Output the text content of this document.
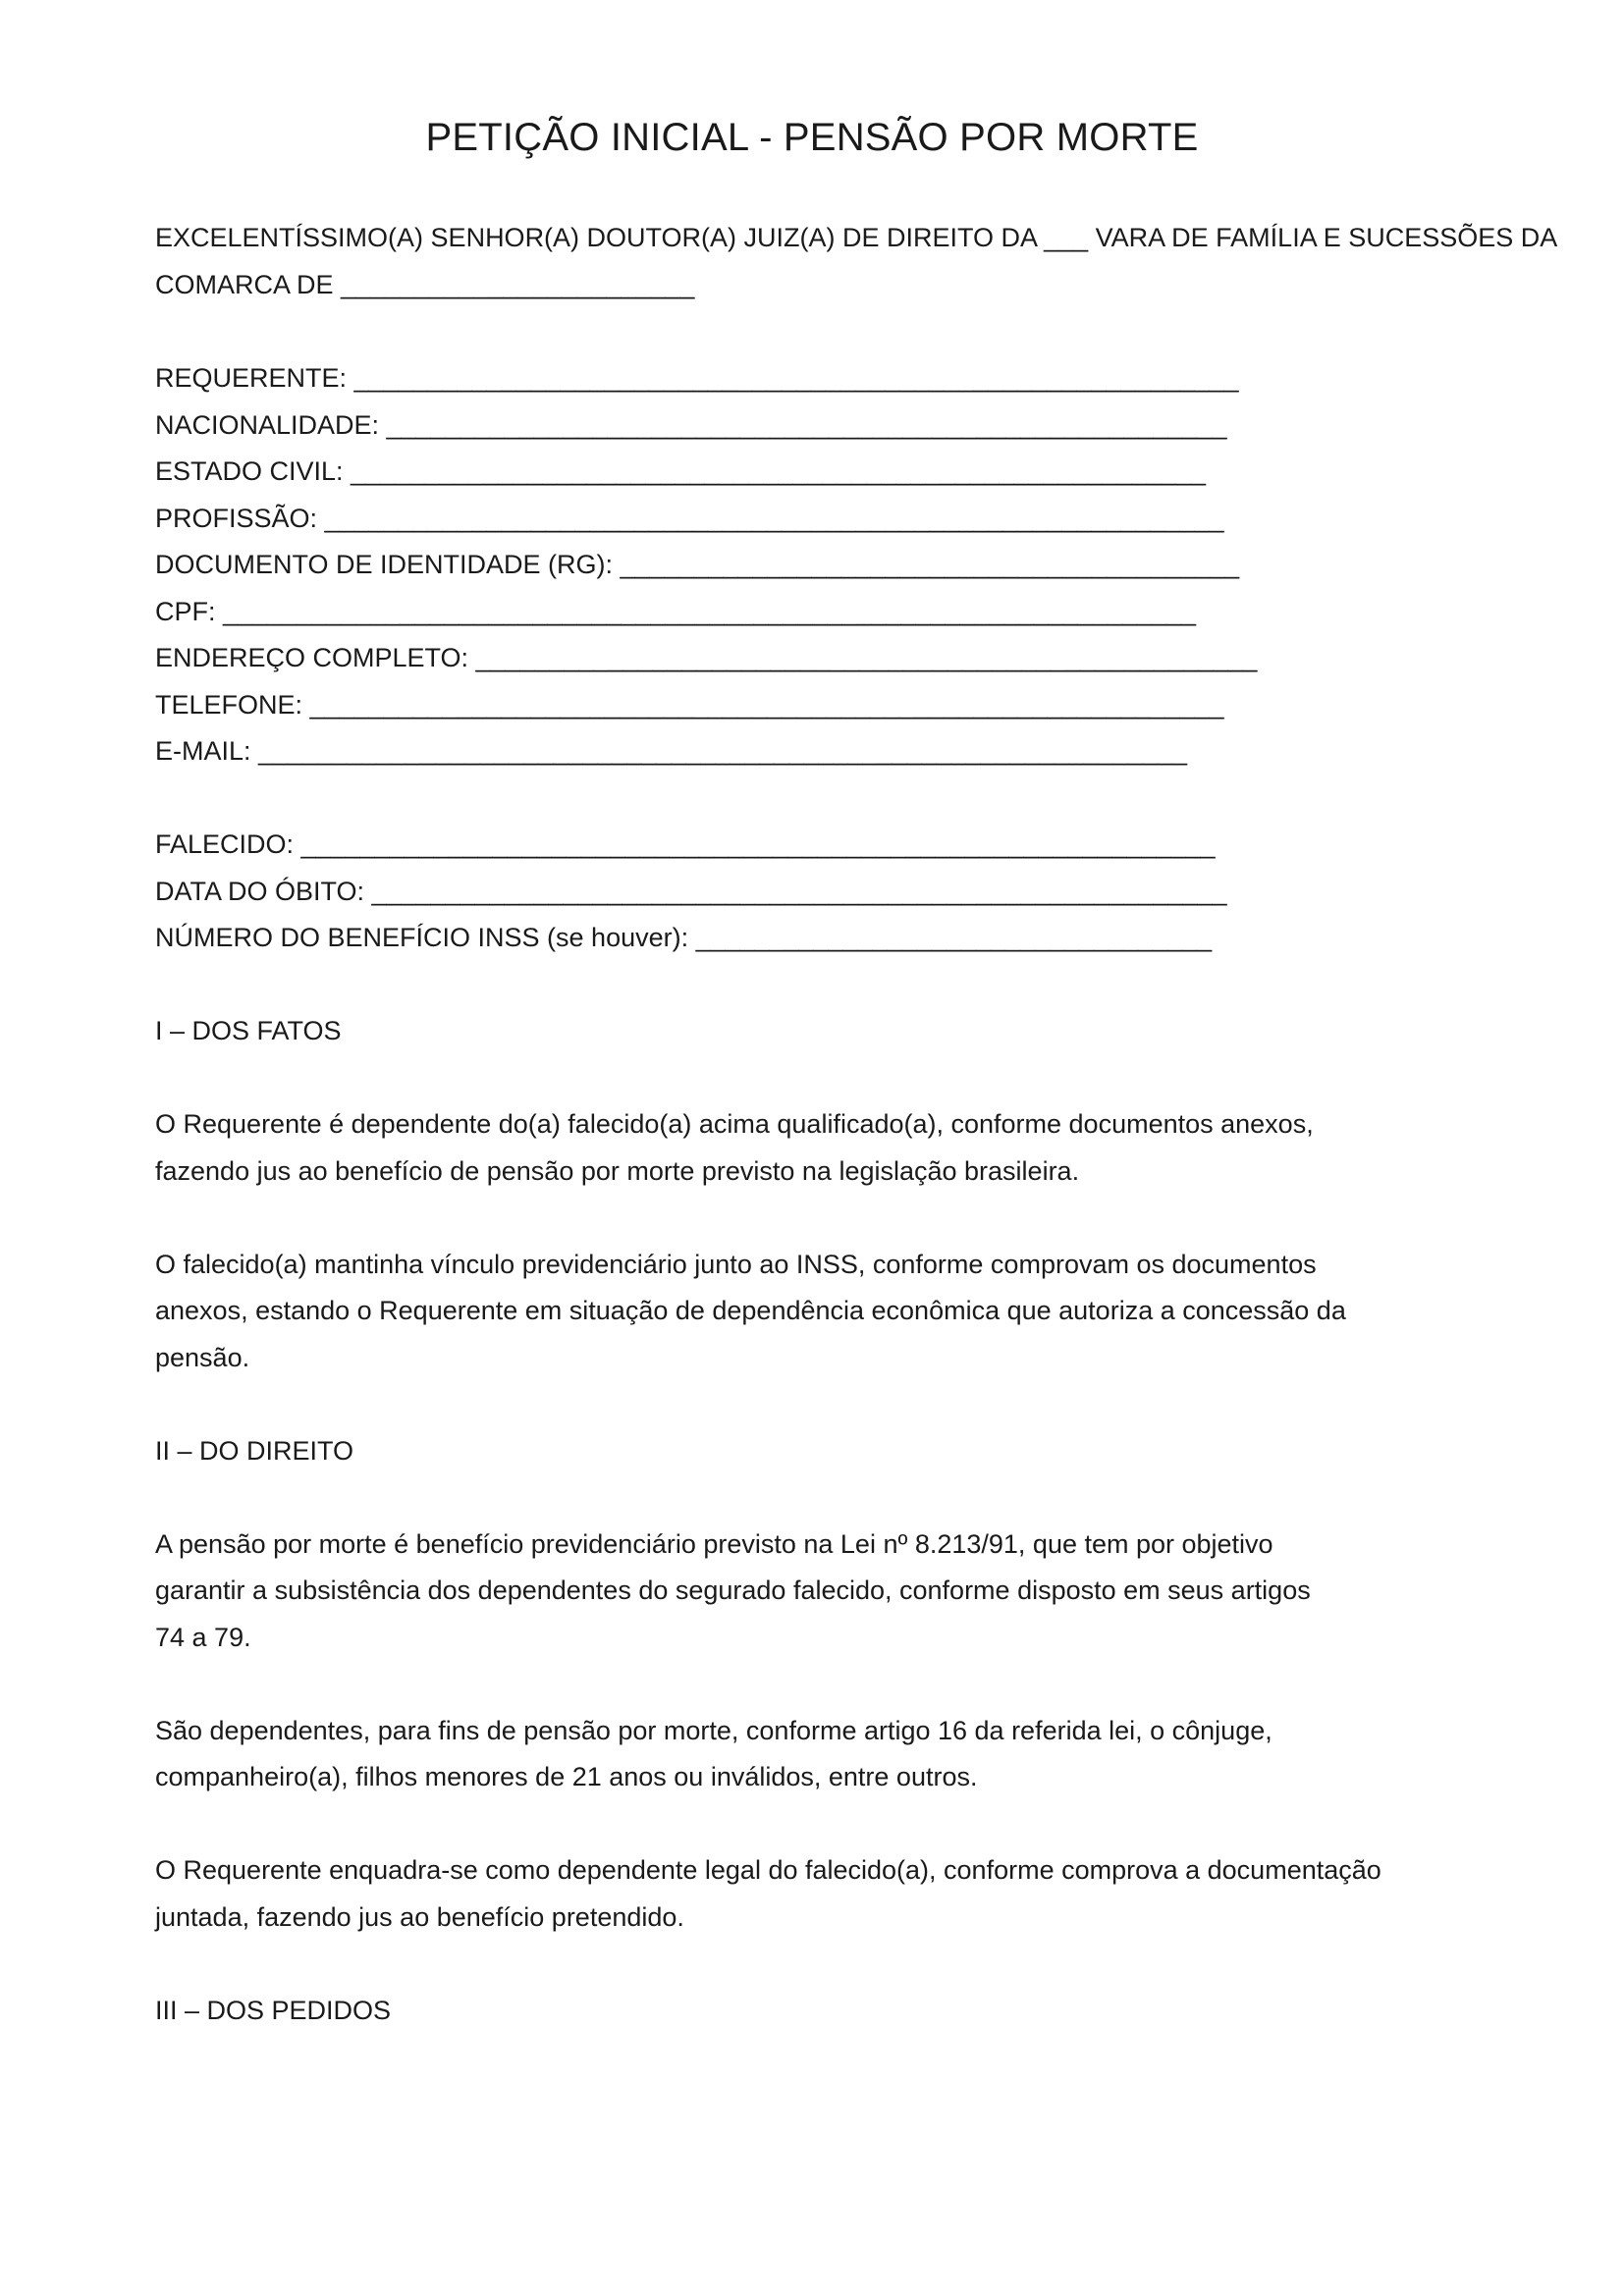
PETIÇÃO INICIAL - PENSÃO POR MORTE
EXCELENTÍSSIMO(A) SENHOR(A) DOUTOR(A) JUIZ(A) DE DIREITO DA ___ VARA DE FAMÍLIA E SUCESSÕES DA
COMARCA DE ________________________
REQUERENTE: ____________________________________________________________
NACIONALIDADE: _________________________________________________________
ESTADO CIVIL: __________________________________________________________
PROFISSÃO: _____________________________________________________________
DOCUMENTO DE IDENTIDADE (RG): __________________________________________
CPF: __________________________________________________________________
ENDEREÇO COMPLETO: _____________________________________________________
TELEFONE: ______________________________________________________________
E-MAIL: _______________________________________________________________
FALECIDO: ______________________________________________________________
DATA DO ÓBITO: __________________________________________________________
NÚMERO DO BENEFÍCIO INSS (se houver): ___________________________________
I – DOS FATOS
O Requerente é dependente do(a) falecido(a) acima qualificado(a), conforme documentos anexos,
fazendo jus ao benefício de pensão por morte previsto na legislação brasileira.
O falecido(a) mantinha vínculo previdenciário junto ao INSS, conforme comprovam os documentos
anexos, estando o Requerente em situação de dependência econômica que autoriza a concessão da
pensão.
II – DO DIREITO
A pensão por morte é benefício previdenciário previsto na Lei nº 8.213/91, que tem por objetivo
garantir a subsistência dos dependentes do segurado falecido, conforme disposto em seus artigos
74 a 79.
São dependentes, para fins de pensão por morte, conforme artigo 16 da referida lei, o cônjuge,
companheiro(a), filhos menores de 21 anos ou inválidos, entre outros.
O Requerente enquadra-se como dependente legal do falecido(a), conforme comprova a documentação
juntada, fazendo jus ao benefício pretendido.
III – DOS PEDIDOS
